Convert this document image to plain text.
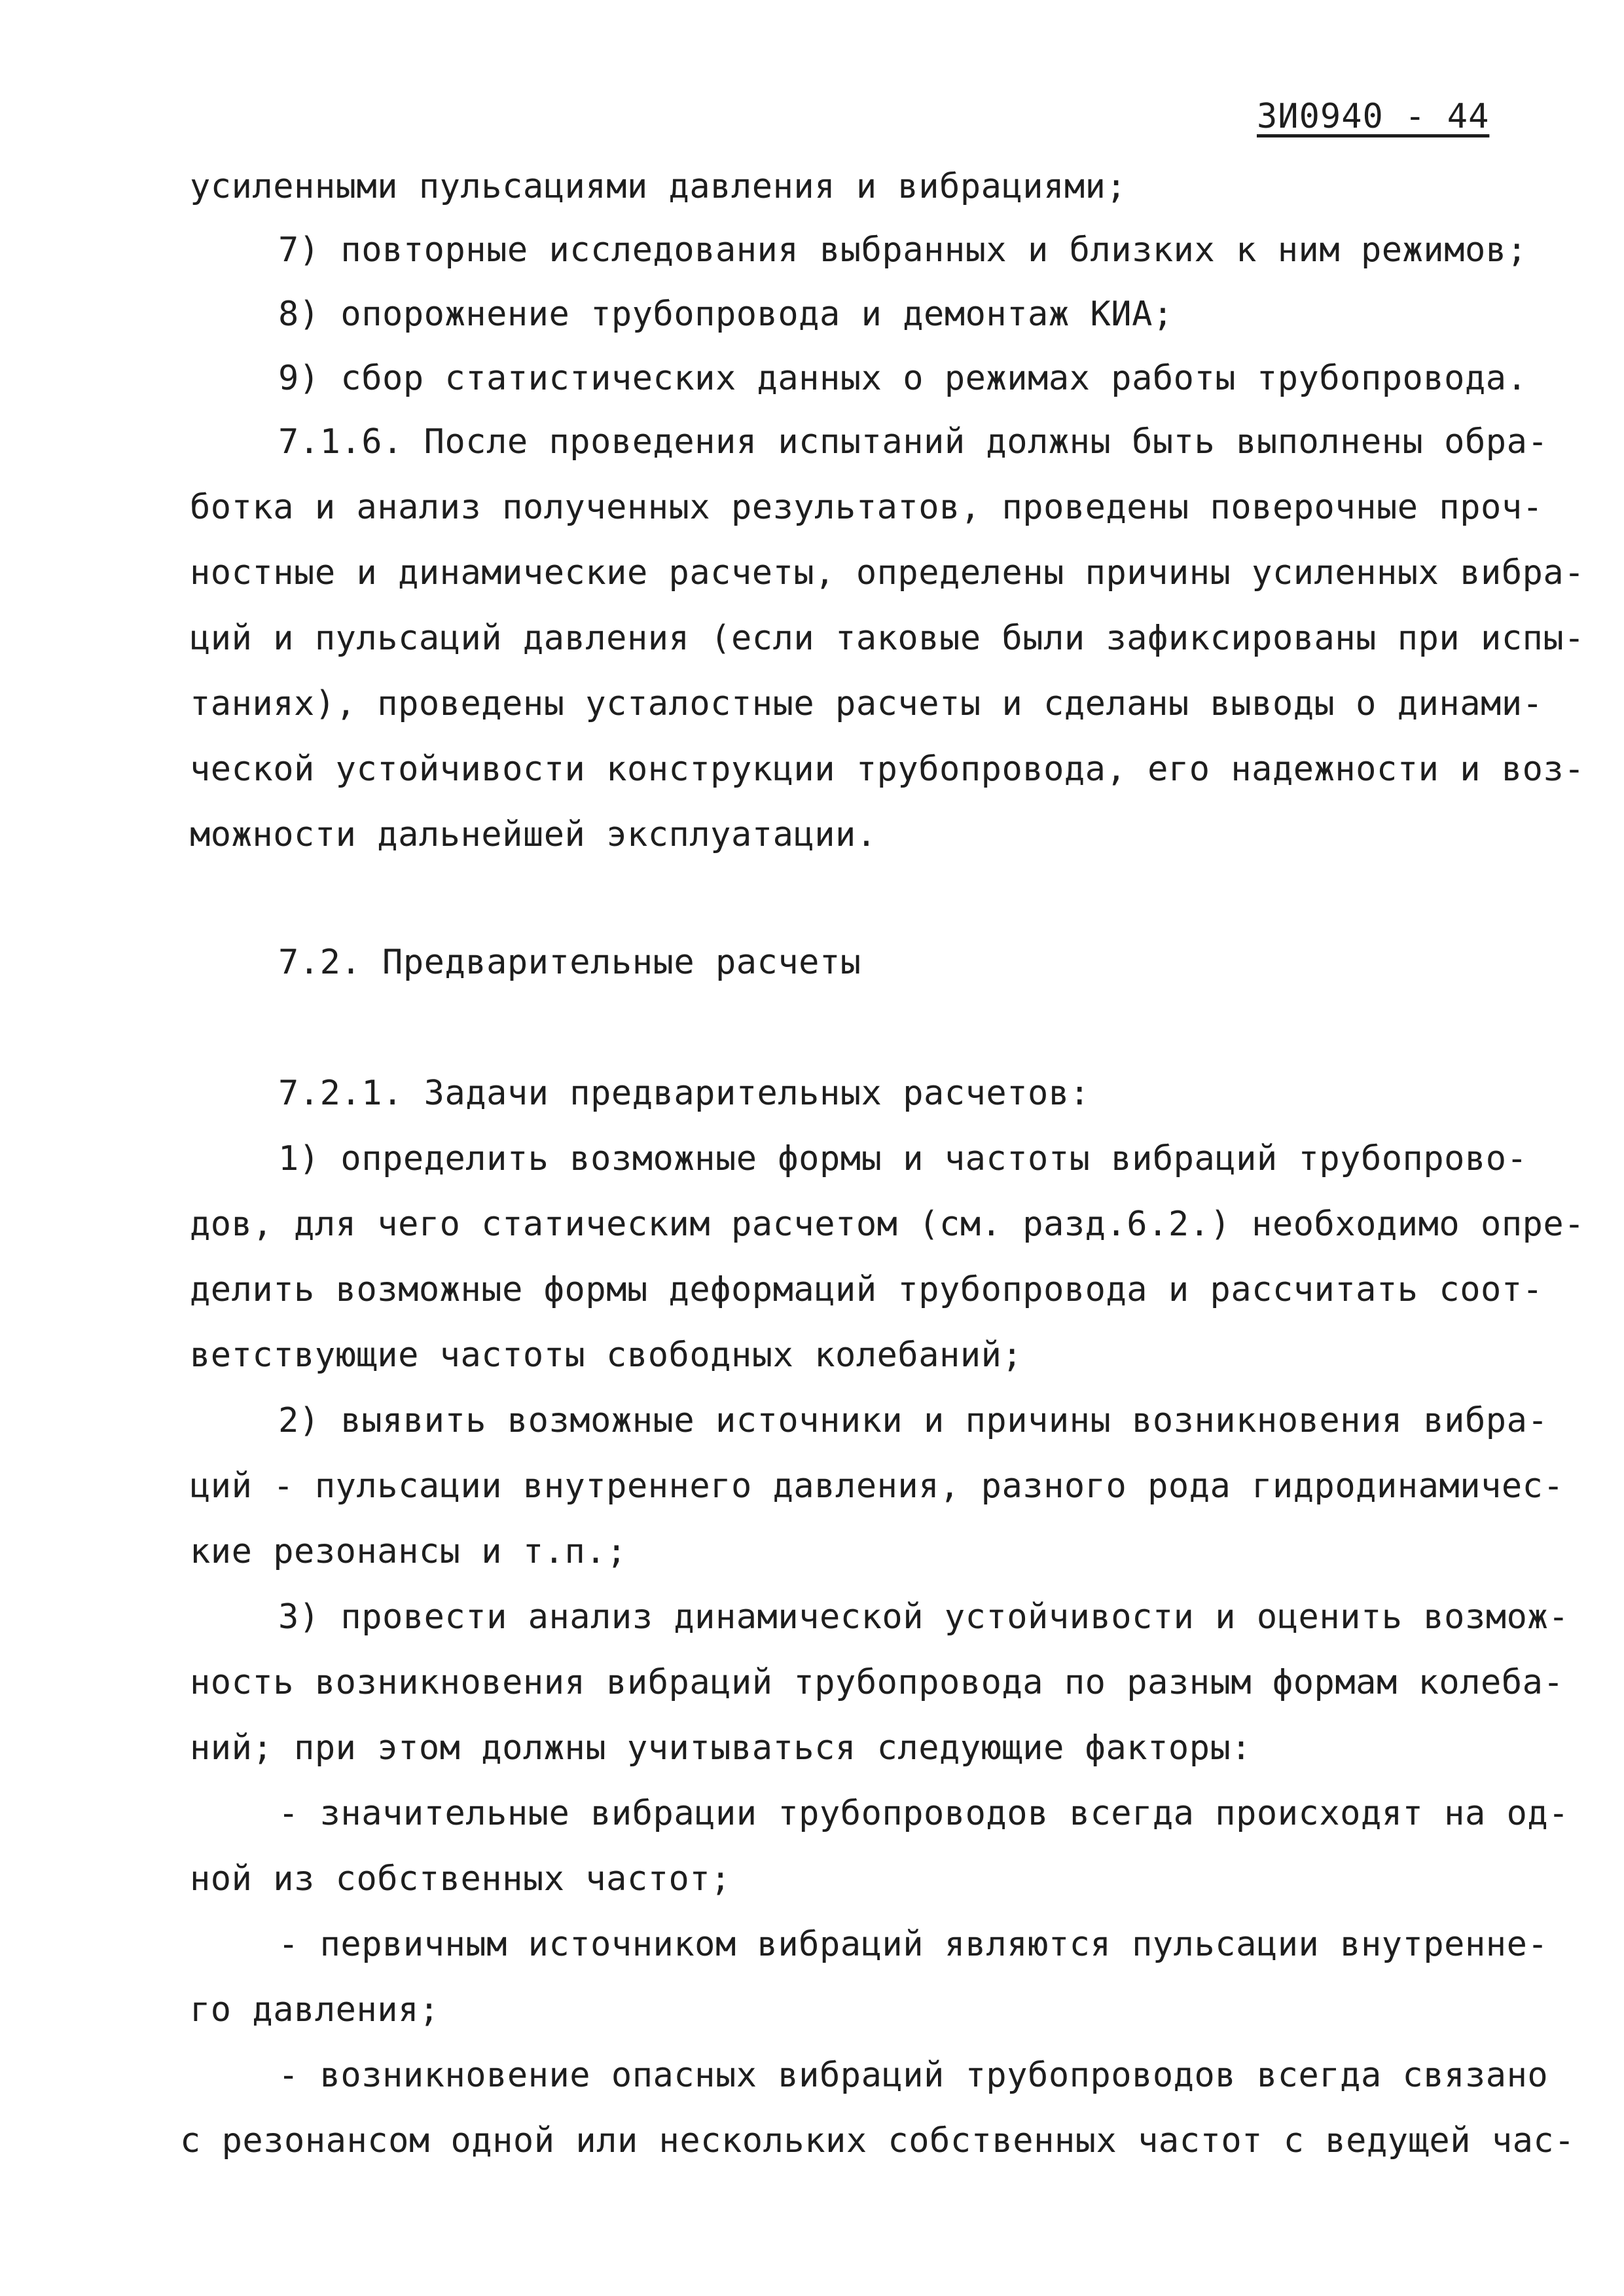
ЗИ0940 - 44
усиленными пульсациями давления и вибрациями;
7) повторные исследования выбранных и близких к ним режимов;
8) опорожнение трубопровода и демонтаж КИА;
9) сбор статистических данных о режимах работы трубопровода.
7.1.6. После проведения испытаний должны быть выполнены обра-
ботка и анализ полученных результатов, проведены поверочные проч-
ностные и динамические расчеты, определены причины усиленных вибра-
ций и пульсаций давления (если таковые были зафиксированы при испы-
таниях), проведены усталостные расчеты и сделаны выводы о динами-
ческой устойчивости конструкции трубопровода, его надежности и воз-
можности дальнейшей эксплуатации.
7.2. Предварительные расчеты
7.2.1. Задачи предварительных расчетов:
1) определить возможные формы и частоты вибраций трубопрово-
дов, для чего статическим расчетом (см. разд.6.2.) необходимо опре-
делить возможные формы деформаций трубопровода и рассчитать соот-
ветствующие частоты свободных колебаний;
2) выявить возможные источники и причины возникновения вибра-
ций - пульсации внутреннего давления, разного рода гидродинамичес-
кие резонансы и т.п.;
3) провести анализ динамической устойчивости и оценить возмож-
ность возникновения вибраций трубопровода по разным формам колеба-
ний; при этом должны учитываться следующие факторы:
- значительные вибрации трубопроводов всегда происходят на од-
ной из собственных частот;
- первичным источником вибраций являются пульсации внутренне-
го давления;
- возникновение опасных вибраций трубопроводов всегда связано
с резонансом одной или нескольких собственных частот с ведущей час-
